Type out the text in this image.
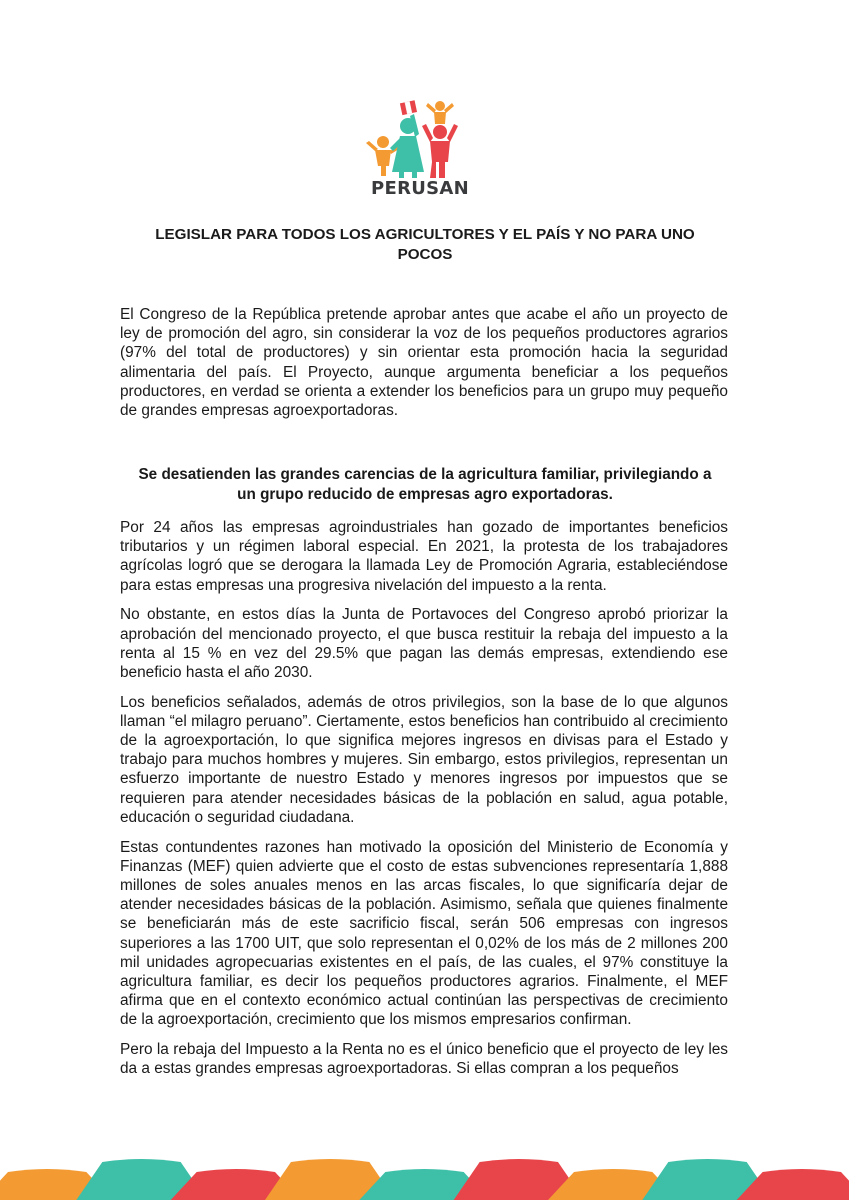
PERUSAN
LEGISLAR PARA TODOS LOS AGRICULTORES Y EL PAÍS Y NO PARA UNO
POCOS

El Congreso de la República pretende aprobar antes que acabe el año un proyecto de ley de promoción del agro, sin considerar la voz de los pequeños productores agrarios (97% del total de productores) y sin orientar esta promoción hacia la seguridad alimentaria del país. El Proyecto, aunque argumenta beneficiar a los pequeños productores, en verdad se orienta a extender los beneficios para un grupo muy pequeño de grandes empresas agroexportadoras.

Se desatienden las grandes carencias de la agricultura familiar, privilegiando a
un grupo reducido de empresas agro exportadoras.

Por 24 años las empresas agroindustriales han gozado de importantes beneficios tributarios y un régimen laboral especial. En 2021, la protesta de los trabajadores agrícolas logró que se derogara la llamada Ley de Promoción Agraria, estableciéndose para estas empresas una progresiva nivelación del impuesto a la renta.

No obstante, en estos días la Junta de Portavoces del Congreso aprobó priorizar la aprobación del mencionado proyecto, el que busca restituir la rebaja del impuesto a la renta al 15 % en vez del 29.5% que pagan las demás empresas, extendiendo ese beneficio hasta el año 2030.

Los beneficios señalados, además de otros privilegios, son la base de lo que algunos llaman “el milagro peruano”. Ciertamente, estos beneficios han contribuido al crecimiento de la agroexportación, lo que significa mejores ingresos en divisas para el Estado y trabajo para muchos hombres y mujeres. Sin embargo, estos privilegios, representan un esfuerzo importante de nuestro Estado y menores ingresos por impuestos que se requieren para atender necesidades básicas de la población en salud, agua potable, educación o seguridad ciudadana.

Estas contundentes razones han motivado la oposición del Ministerio de Economía y Finanzas (MEF) quien advierte que el costo de estas subvenciones representaría 1,888 millones de soles anuales menos en las arcas fiscales, lo que significaría dejar de atender necesidades básicas de la población. Asimismo, señala que quienes finalmente se beneficiarán más de este sacrificio fiscal, serán 506 empresas con ingresos superiores a las 1700 UIT, que solo representan el 0,02% de los más de 2 millones 200 mil unidades agropecuarias existentes en el país, de las cuales, el 97% constituye la agricultura familiar, es decir los pequeños productores agrarios. Finalmente, el MEF afirma que en el contexto económico actual continúan las perspectivas de crecimiento de la agroexportación, crecimiento que los mismos empresarios confirman.

Pero la rebaja del Impuesto a la Renta no es el único beneficio que el proyecto de ley les da a estas grandes empresas agroexportadoras. Si ellas compran a los pequeños
